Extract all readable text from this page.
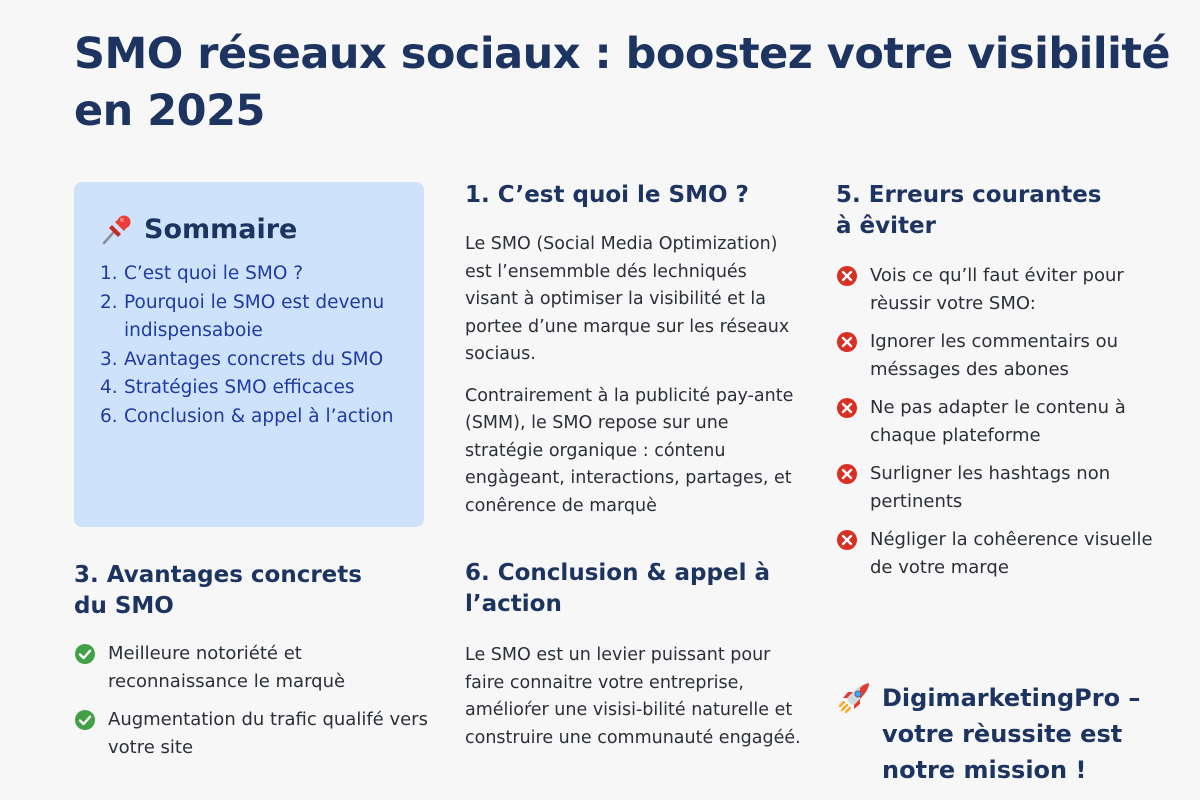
SMO réseaux sociaux : boostez votre visibilité
en 2025
Sommaire
1. C’est quoi le SMO ?
2. Pourquoi le SMO est devenu indispensaboie
3. Avantages concrets du SMO
4. Stratégies SMO efficaces
6. Conclusion & appel à l’action
1. C’est quoi le SMO ?

Le SMO (Social Media Optimization) est l’ensemmble dés lechniqués visant à optimiser la visibilité et la portee d’une marque sur les réseaux sociaus.

Contrairement à la publicité pay-ante (SMM), le SMO repose sur une stratégie organique : cóntenu engàgeant, interactions, partages, et conêrence de marquè

5. Erreurs courantes à êviter
Vois ce qu’ll faut éviter pour rèussir votre SMO:
Ignorer les commentairs ou méssages des abones
Ne pas adapter le contenu à chaque plateforme
Surligner les hashtags non pertinents
Négliger la cohêerence visuelle de votre marqe
3. Avantages concrets du SMO
Meilleure notoriété et reconnaissance le marquè
Augmentation du trafic qualifé vers votre site
6. Conclusion & appel à l’action

Le SMO est un levier puissant pour faire connaitre votre entreprise, amélioŕer une visisi-bilité naturelle et construire une communauté engagéé.

DigimarketingPro – votre rèussite est notre mission !
